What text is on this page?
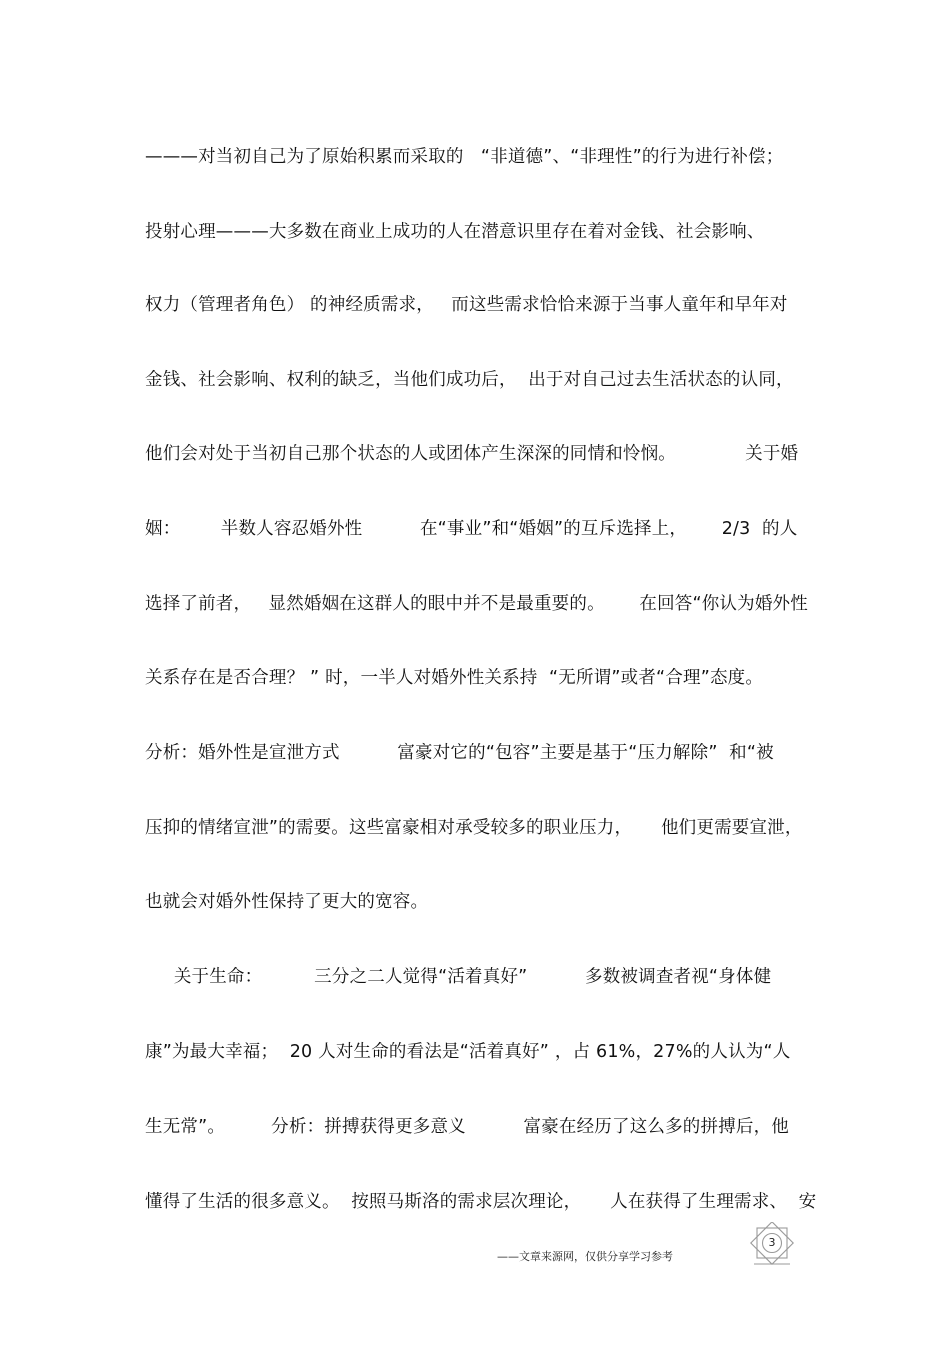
———对当初自己为了原始积累而采取的   “非道德”、“非理性”的行为进行补偿；
投射心理———大多数在商业上成功的人在潜意识里存在着对金钱、社会影响、
权力（管理者角色） 的神经质需求，   而这些需求恰恰来源于当事人童年和早年对
金钱、社会影响、权利的缺乏，当他们成功后，  出于对自己过去生活状态的认同，
他们会对处于当初自己那个状态的人或团体产生深深的同情和怜悯。            关于婚
姻：       半数人容忍婚外性          在“事业”和“婚姻”的互斥选择上，      2/3  的人
选择了前者，   显然婚姻在这群人的眼中并不是最重要的。      在回答“你认为婚外性
关系存在是否合理？ ” 时，一半人对婚外性关系持  “无所谓”或者“合理”态度。
分析：婚外性是宣泄方式          富豪对它的“包容”主要是基于“压力解除”  和“被
压抑的情绪宣泄”的需要。这些富豪相对承受较多的职业压力，     他们更需要宣泄，
也就会对婚外性保持了更大的宽容。
关于生命：         三分之二人觉得“活着真好”          多数被调查者视“身体健
康”为最大幸福；  20 人对生命的看法是“活着真好” ，占 61%，27%的人认为“人
生无常”。        分析：拼搏获得更多意义          富豪在经历了这么多的拼搏后，他
懂得了生活的很多意义。  按照马斯洛的需求层次理论，     人在获得了生理需求、  安
——文章来源网，仅供分享学习参考
3
